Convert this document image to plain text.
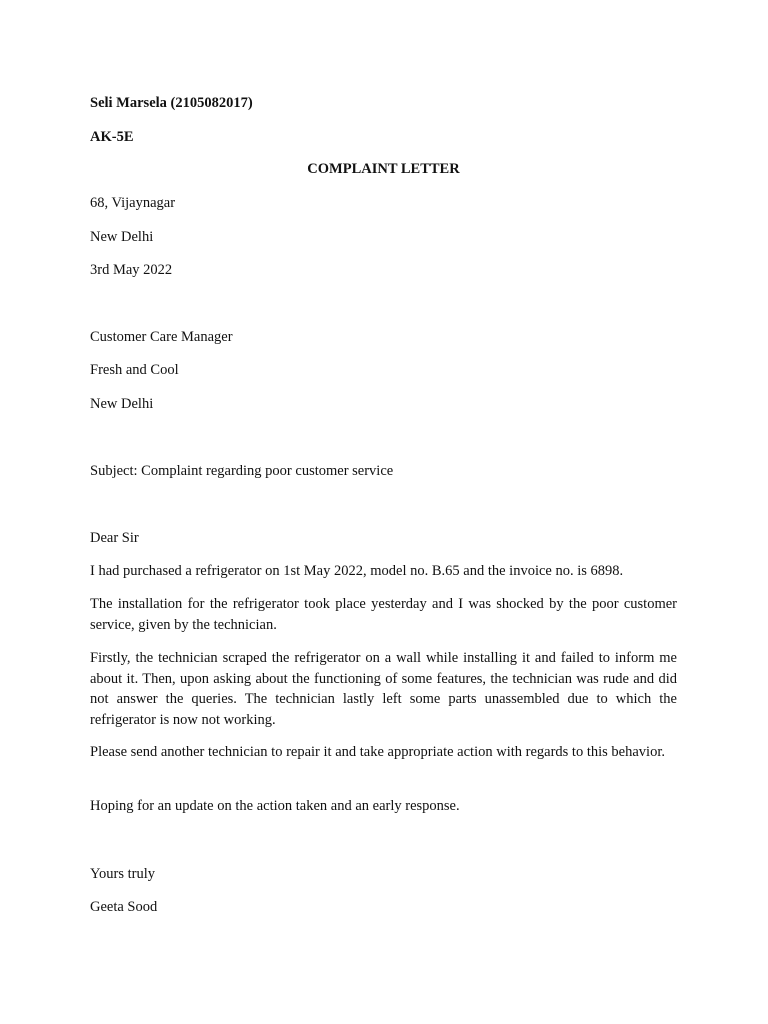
Seli Marsela (2105082017)
AK-5E
COMPLAINT LETTER
68, Vijaynagar
New Delhi
3rd May 2022
Customer Care Manager
Fresh and Cool
New Delhi
Subject: Complaint regarding poor customer service
Dear Sir
I had purchased a refrigerator on 1st May 2022, model no. B.65 and the invoice no. is 6898.
The installation for the refrigerator took place yesterday and I was shocked by the poor customer service, given by the technician.
Firstly, the technician scraped the refrigerator on a wall while installing it and failed to inform me about it. Then, upon asking about the functioning of some features, the technician was rude and did not answer the queries. The technician lastly left some parts unassembled due to which the refrigerator is now not working.
Please send another technician to repair it and take appropriate action with regards to this behavior.
Hoping for an update on the action taken and an early response.
Yours truly
Geeta Sood
